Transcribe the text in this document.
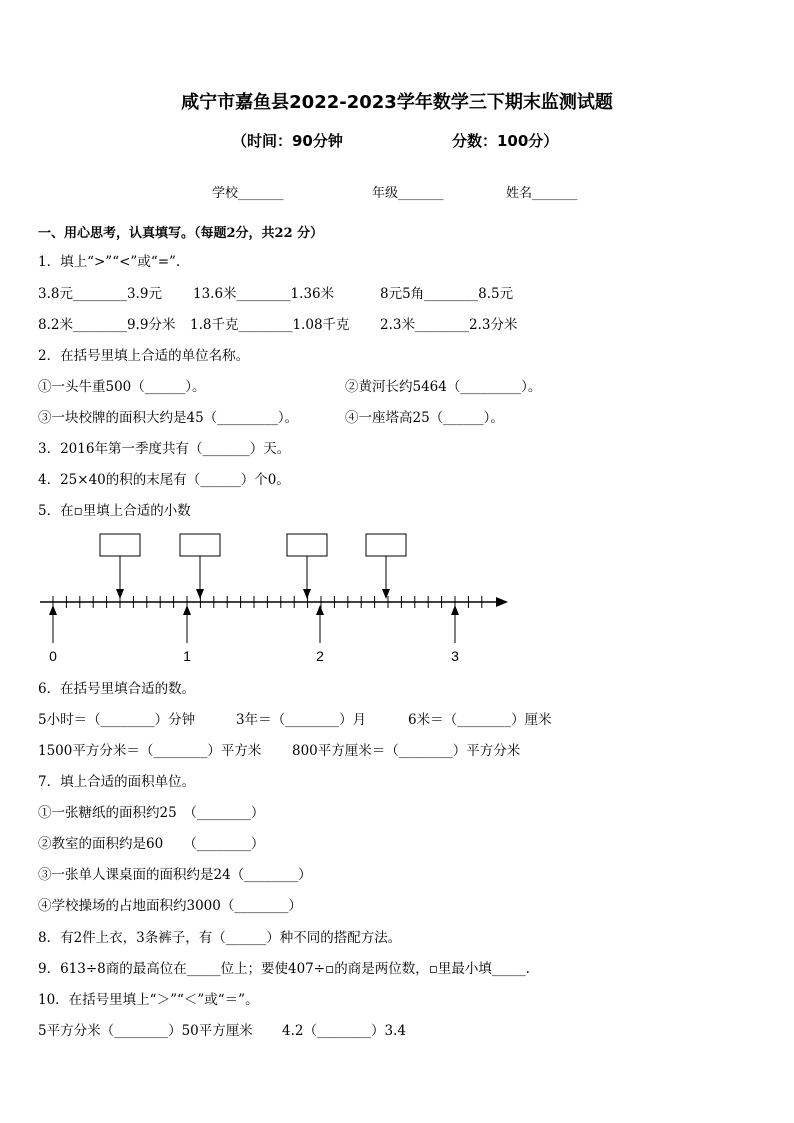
咸宁市嘉鱼县2022-2023学年数学三下期末监测试题
（时间：90分钟	分数：100分）
学校_______	年级_______	姓名_______
一、用心思考，认真填写。（每题2分，共22 分）
1．填上“>”“<”或“=”.
3.8元________3.9元 13.6米________1.36米	8元5角________8.5元
8.2米________9.9分米 1.8千克________1.08千克 2.3米________2.3分米
2．在括号里填上合适的单位名称。
①一头牛重500（______）。	②黄河长约5464（_________）。
③一块校牌的面积大约是45（_________）。	④一座塔高25（______）。
3．2016年第一季度共有（_______）天。
4．25×40的积的末尾有（______）个0。
5．在▫里填上合适的小数
0	1	2	3
6．在括号里填合适的数。
5小时＝（________）分钟	3年＝（________）月	6米＝（________）厘米
1500平方分米＝（________）平方米 800平方厘米＝（________）平方分米
7．填上合适的面积单位。
①一张糖纸的面积约25　（________）
②教室的面积约是60　　（________）
③一张单人课桌面的面积约是24（________）
④学校操场的占地面积约3000（________）
8．有2件上衣，3条裤子，有（______）种不同的搭配方法。
9．613÷8商的最高位在_____位上；要使407÷▫的商是两位数，▫里最小填_____.
10．在括号里填上“＞”“＜”或“＝”。
5平方分米（________）50平方厘米 4.2（________）3.4
